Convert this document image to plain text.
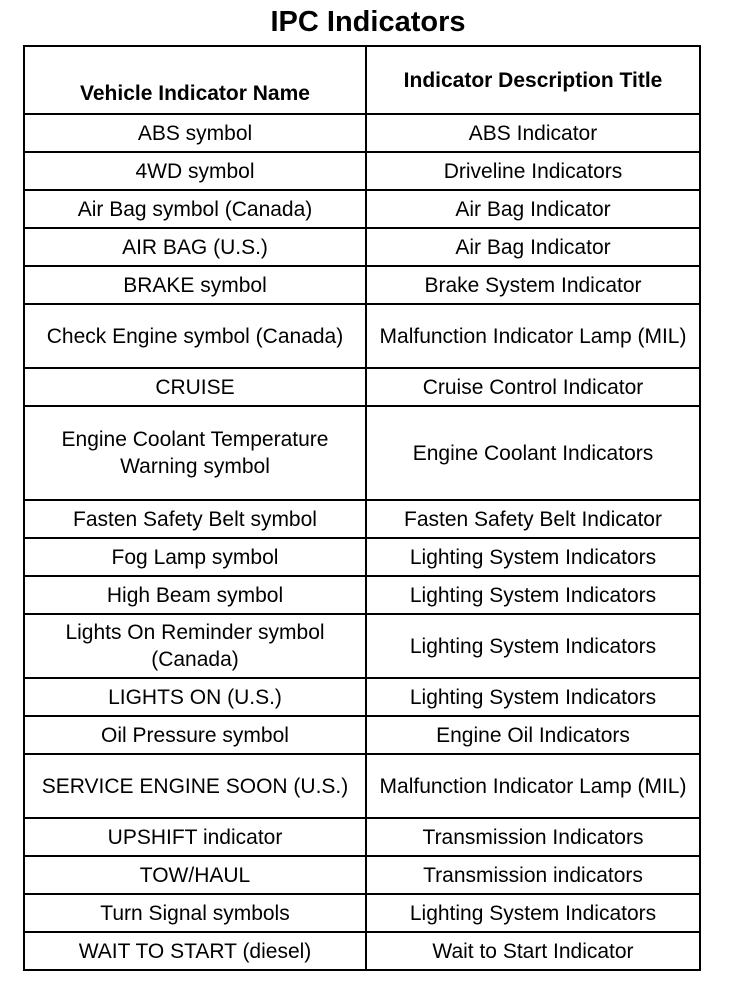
IPC Indicators
Vehicle Indicator Name	Indicator Description Title
ABS symbol	ABS Indicator
4WD symbol	Driveline Indicators
Air Bag symbol (Canada)	Air Bag Indicator
AIR BAG (U.S.)	Air Bag Indicator
BRAKE symbol	Brake System Indicator
Check Engine symbol (Canada)	Malfunction Indicator Lamp (MIL)
CRUISE	Cruise Control Indicator
Engine Coolant Temperature Warning symbol	Engine Coolant Indicators
Fasten Safety Belt symbol	Fasten Safety Belt Indicator
Fog Lamp symbol	Lighting System Indicators
High Beam symbol	Lighting System Indicators
Lights On Reminder symbol (Canada)	Lighting System Indicators
LIGHTS ON (U.S.)	Lighting System Indicators
Oil Pressure symbol	Engine Oil Indicators
SERVICE ENGINE SOON (U.S.)	Malfunction Indicator Lamp (MIL)
UPSHIFT indicator	Transmission Indicators
TOW/HAUL	Transmission indicators
Turn Signal symbols	Lighting System Indicators
WAIT TO START (diesel)	Wait to Start Indicator
